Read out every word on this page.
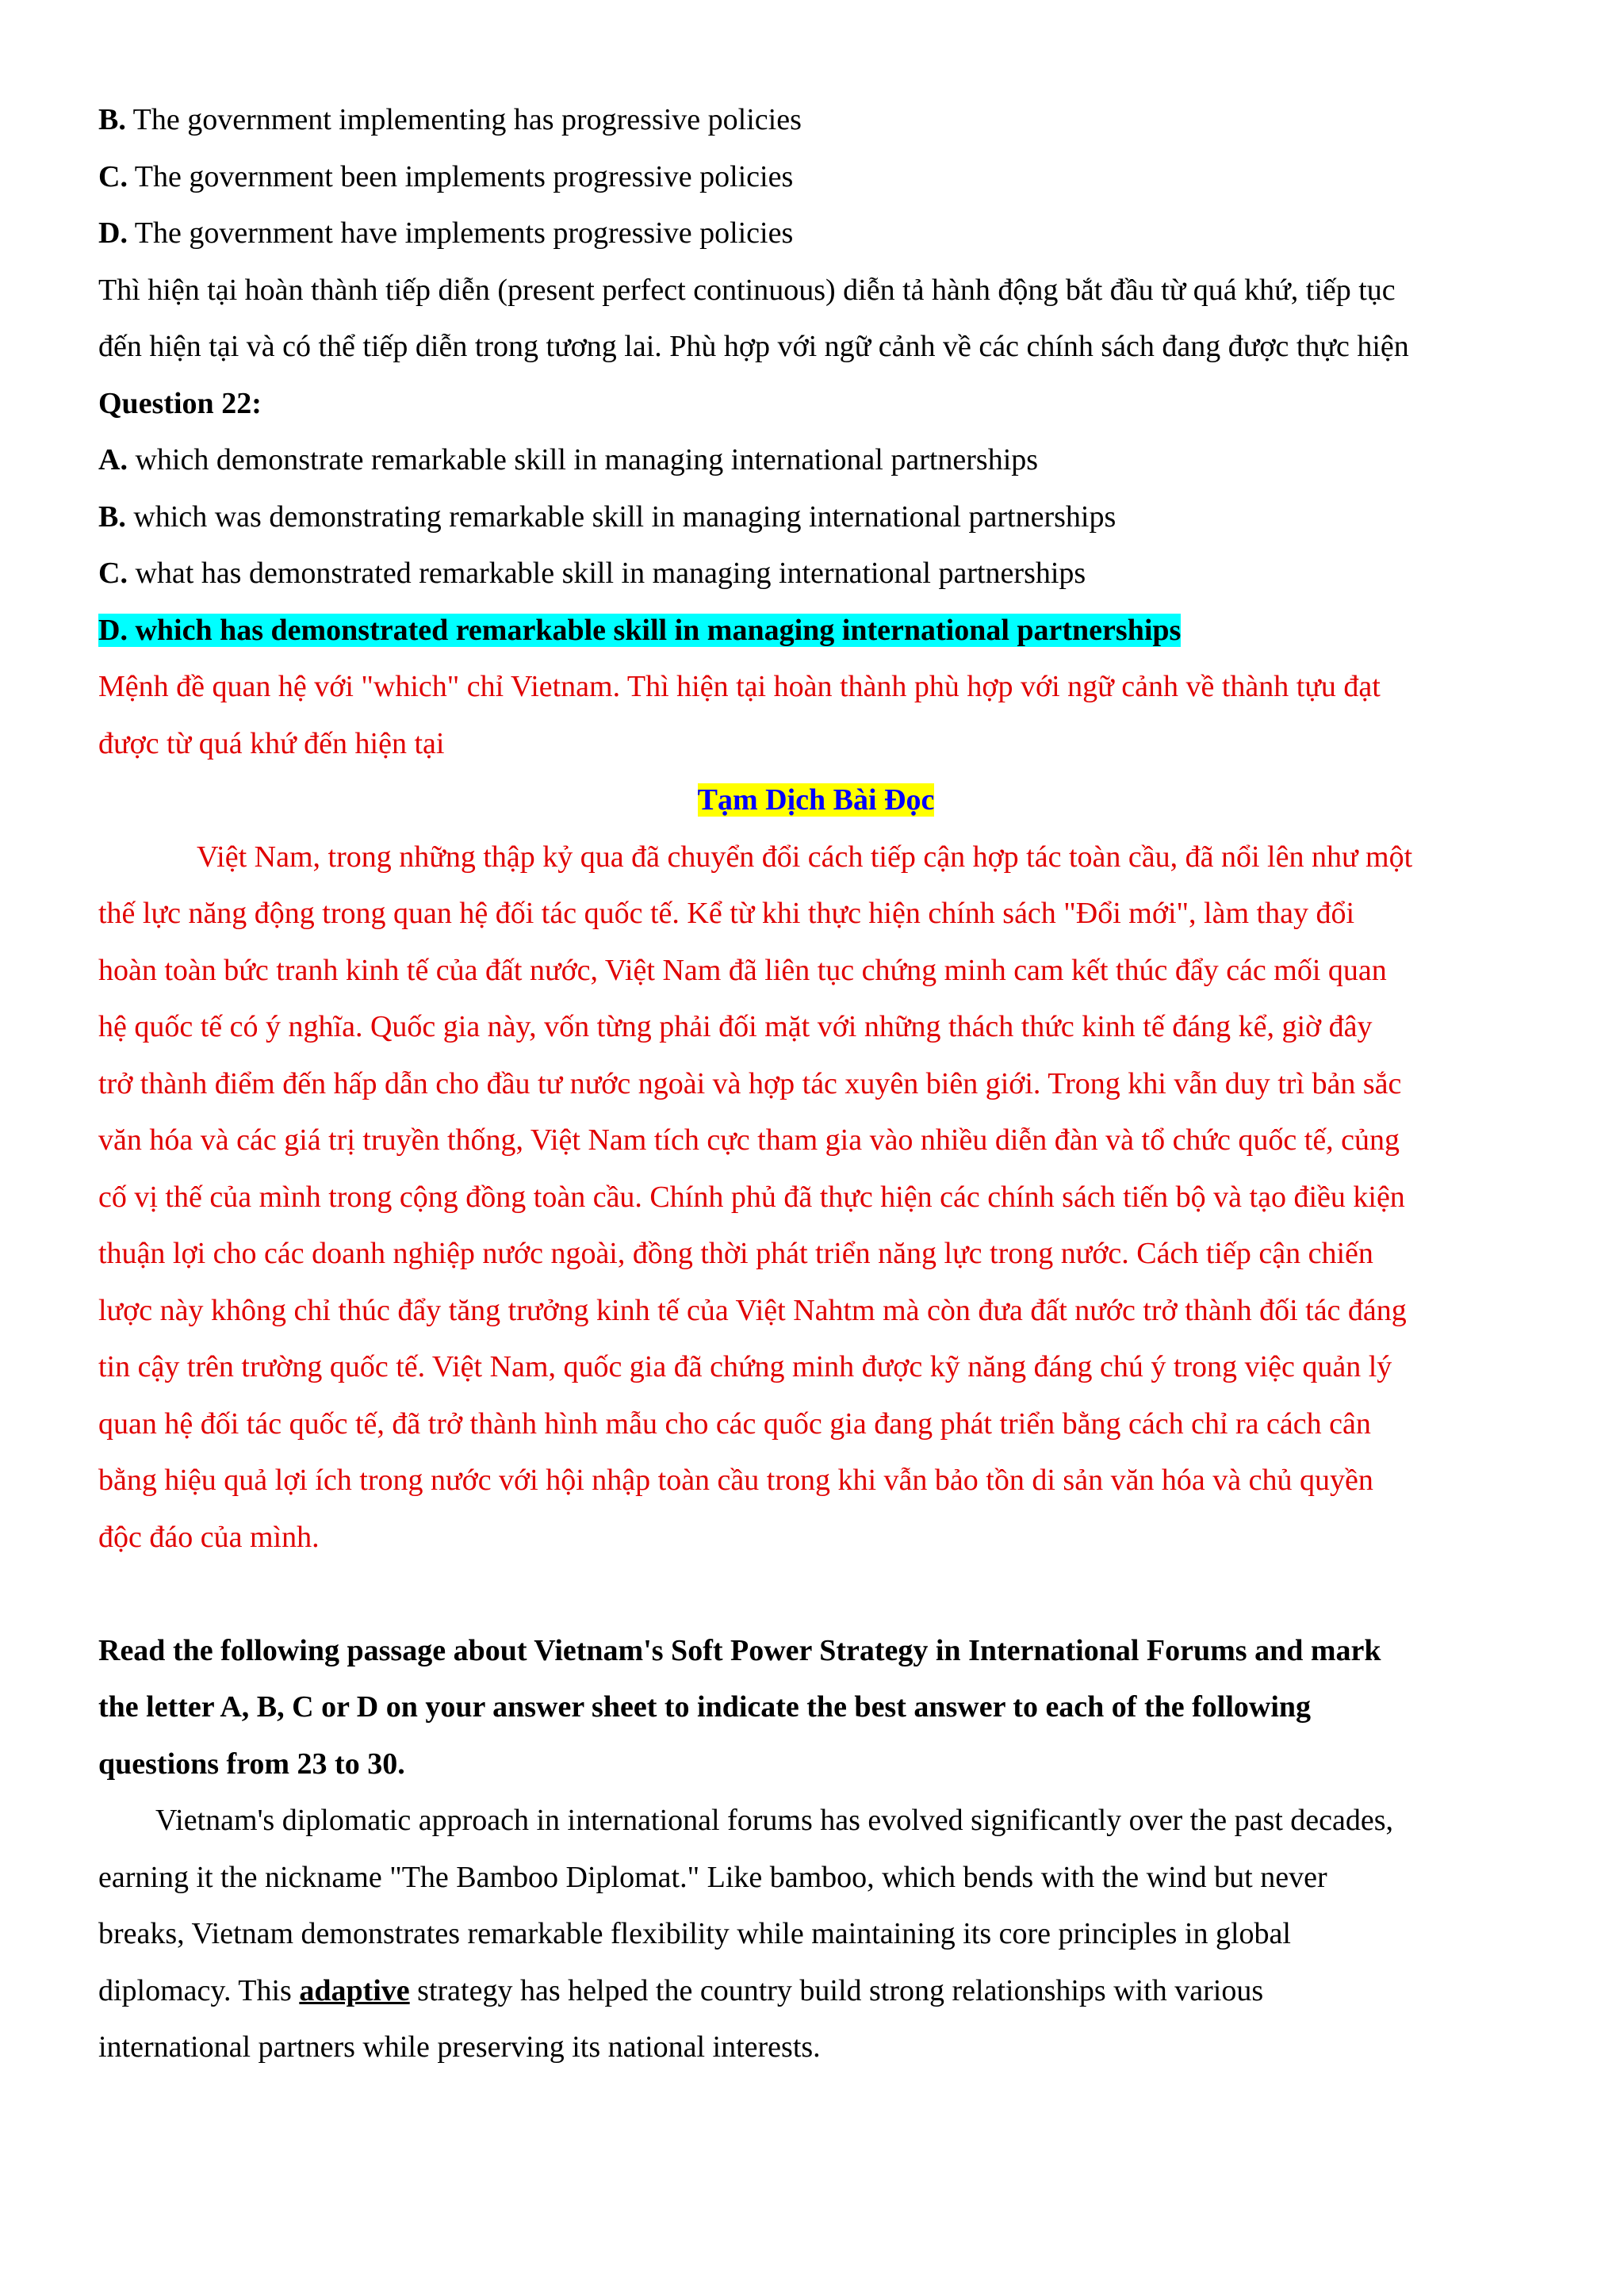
B. The government implementing has progressive policies
C. The government been implements progressive policies
D. The government have implements progressive policies
Thì hiện tại hoàn thành tiếp diễn (present perfect continuous) diễn tả hành động bắt đầu từ quá khứ, tiếp tục
đến hiện tại và có thể tiếp diễn trong tương lai. Phù hợp với ngữ cảnh về các chính sách đang được thực hiện
Question 22:
A. which demonstrate remarkable skill in managing international partnerships
B. which was demonstrating remarkable skill in managing international partnerships
C. what has demonstrated remarkable skill in managing international partnerships
D. which has demonstrated remarkable skill in managing international partnerships
Mệnh đề quan hệ với "which" chỉ Vietnam. Thì hiện tại hoàn thành phù hợp với ngữ cảnh về thành tựu đạt
được từ quá khứ đến hiện tại
Tạm Dịch Bài Đọc
Việt Nam, trong những thập kỷ qua đã chuyển đổi cách tiếp cận hợp tác toàn cầu, đã nổi lên như một
thế lực năng động trong quan hệ đối tác quốc tế. Kể từ khi thực hiện chính sách "Đổi mới", làm thay đổi
hoàn toàn bức tranh kinh tế của đất nước, Việt Nam đã liên tục chứng minh cam kết thúc đẩy các mối quan
hệ quốc tế có ý nghĩa. Quốc gia này, vốn từng phải đối mặt với những thách thức kinh tế đáng kể, giờ đây
trở thành điểm đến hấp dẫn cho đầu tư nước ngoài và hợp tác xuyên biên giới. Trong khi vẫn duy trì bản sắc
văn hóa và các giá trị truyền thống, Việt Nam tích cực tham gia vào nhiều diễn đàn và tổ chức quốc tế, củng
cố vị thế của mình trong cộng đồng toàn cầu. Chính phủ đã thực hiện các chính sách tiến bộ và tạo điều kiện
thuận lợi cho các doanh nghiệp nước ngoài, đồng thời phát triển năng lực trong nước. Cách tiếp cận chiến
lược này không chỉ thúc đẩy tăng trưởng kinh tế của Việt Nahtm mà còn đưa đất nước trở thành đối tác đáng
tin cậy trên trường quốc tế. Việt Nam, quốc gia đã chứng minh được kỹ năng đáng chú ý trong việc quản lý
quan hệ đối tác quốc tế, đã trở thành hình mẫu cho các quốc gia đang phát triển bằng cách chỉ ra cách cân
bằng hiệu quả lợi ích trong nước với hội nhập toàn cầu trong khi vẫn bảo tồn di sản văn hóa và chủ quyền
độc đáo của mình.
Read the following passage about Vietnam's Soft Power Strategy in International Forums and mark
the letter A, B, C or D on your answer sheet to indicate the best answer to each of the following
questions from 23 to 30.
Vietnam's diplomatic approach in international forums has evolved significantly over the past decades,
earning it the nickname "The Bamboo Diplomat." Like bamboo, which bends with the wind but never
breaks, Vietnam demonstrates remarkable flexibility while maintaining its core principles in global
diplomacy. This adaptive strategy has helped the country build strong relationships with various
international partners while preserving its national interests.
